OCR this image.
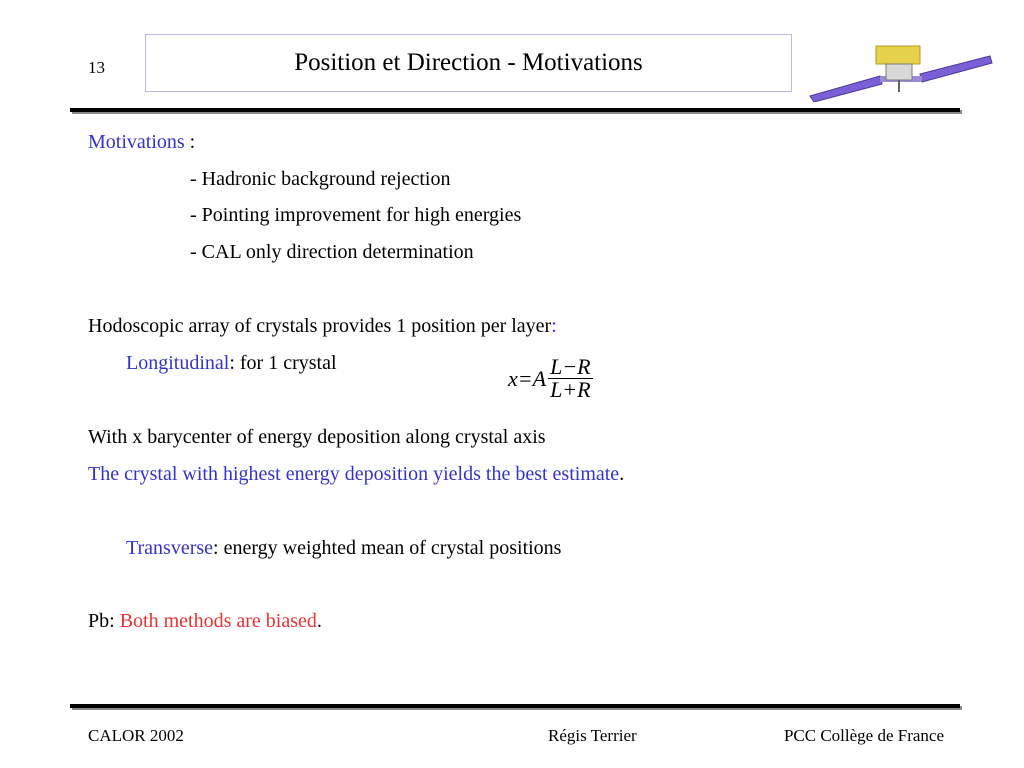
13	Position et Direction - Motivations
Motivations :
- Hadronic background rejection
- Pointing improvement for high energies
- CAL only direction determination
Hodoscopic array of crystals provides 1 position per layer:
Longitudinal: for 1 crystal
$x=A \frac{L-R}{L+R}$
With x barycenter of energy deposition along crystal axis
The crystal with highest energy deposition yields the best estimate.
Transverse: energy weighted mean of crystal positions
Pb: Both methods are biased.
CALOR 2002	Régis Terrier	PCC Collège de France
